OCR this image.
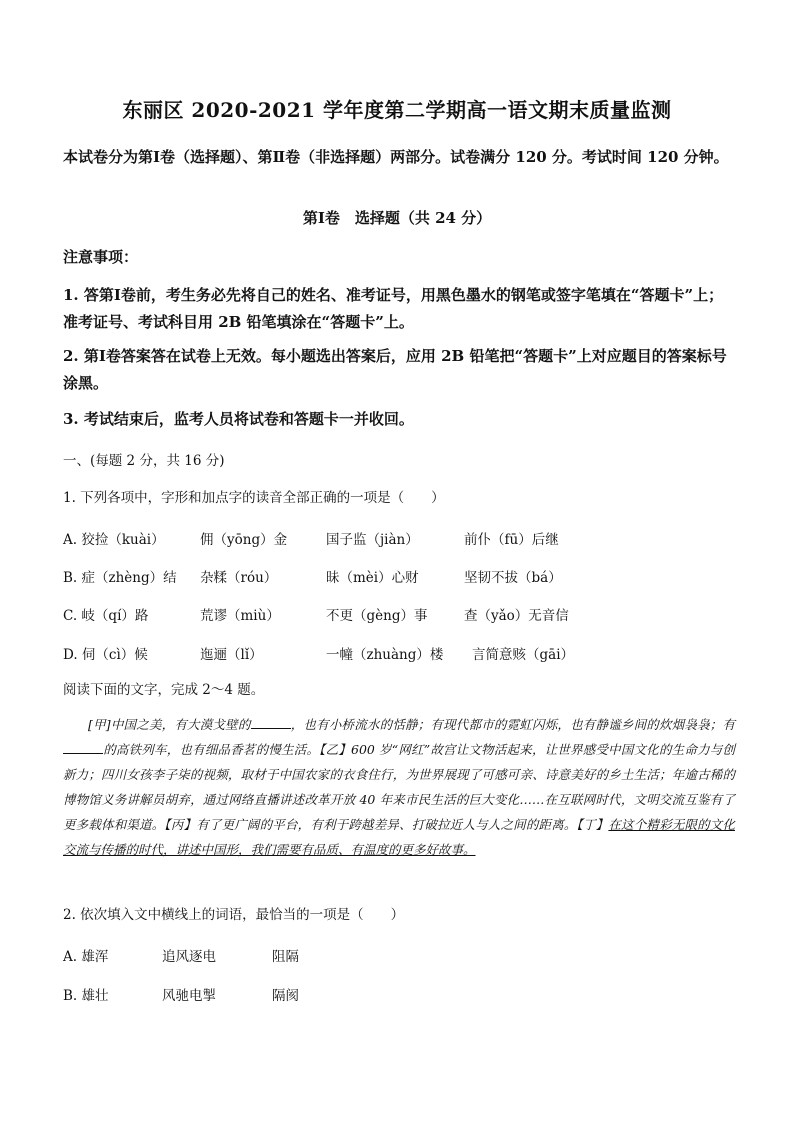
东丽区 2020-2021 学年度第二学期高一语文期末质量监测
本试卷分为第Ⅰ卷（选择题）、第Ⅱ卷（非选择题）两部分。试卷满分 120 分。考试时间 120 分钟。
第Ⅰ卷　选择题（共 24 分）
注意事项：
1. 答第Ⅰ卷前，考生务必先将自己的姓名、准考证号，用黑色墨水的钢笔或签字笔填在“答题卡”上；准考证号、考试科目用 2B 铅笔填涂在“答题卡”上。
2. 第Ⅰ卷答案答在试卷上无效。每小题选出答案后，应用 2B 铅笔把“答题卡”上对应题目的答案标号涂黑。
3. 考试结束后，监考人员将试卷和答题卡一并收回。
一、(每题 2 分，共 16 分)
1. 下列各项中，字形和加点字的读音全部正确的一项是（　　）
A. 狡捡（kuài）	佣（yōng）金	国子监（jiàn）	前仆（fū）后继
B. 症（zhèng）结 杂糅（róu）	昧（mèi）心财	坚韧不拔（bá）
C. 岐（qí）路	荒谬（miù）	不更（gèng）事	查（yǎo）无音信
D. 伺（cì）候	迤逦（lǐ）	一幢（zhuàng）楼 言简意赅（gāi）
阅读下面的文字，完成 2～4 题。
[甲]中国之美，有大漠戈壁的	，也有小桥流水的恬静；有现代都市的霓虹闪烁，也有静谧乡间的炊烟袅袅；有的高铁列车，也有细品香茗的慢生活。【乙】600 岁“网红”故宫让文物活起来，让世界感受中国文化的生命力与创新力；四川女孩李子柒的视频，取材于中国农家的衣食住行，为世界展现了可感可亲、诗意美好的乡土生活；年逾古稀的博物馆义务讲解员胡弃，通过网络直播讲述改革开放 40 年来市民生活的巨大变化……在互联网时代，文明交流互鉴有了更多载体和渠道。【丙】有了更广阔的平台，有利于跨越差异、打破拉近人与人之间的距离。【丁】在这个精彩无限的文化交流与传播的时代，讲述中国形，我们需要有品质、有温度的更多好故事。
2. 依次填入文中横线上的词语，最恰当的一项是（　　）
A. 雄浑	追风逐电	阻隔
B. 雄壮	风驰电掣	隔阂
